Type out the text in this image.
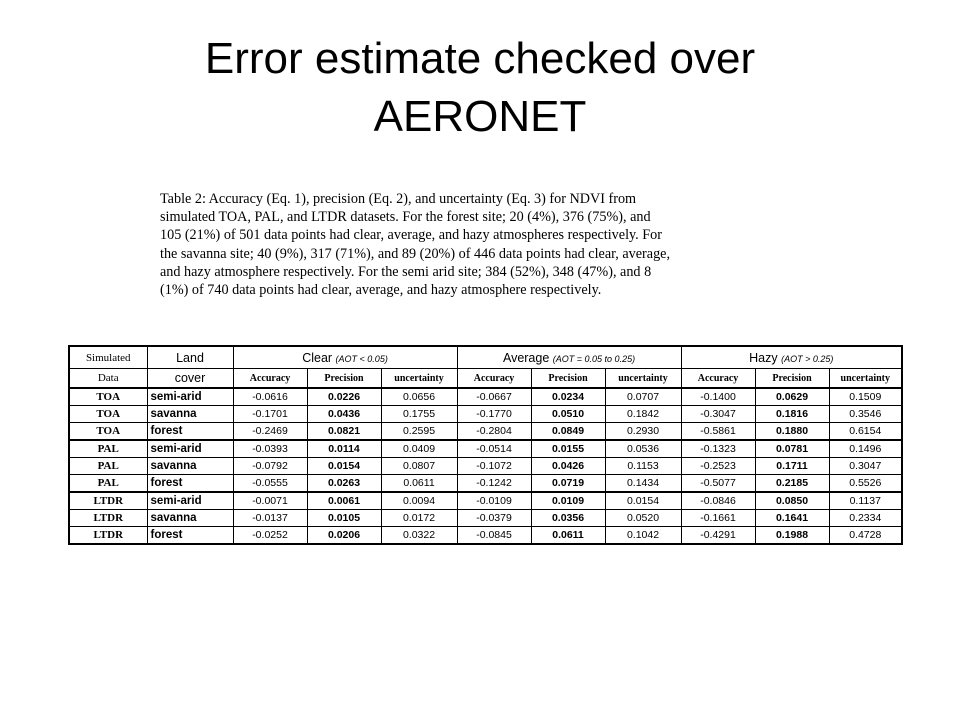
Error estimate checked over
AERONET
Table 2: Accuracy (Eq. 1), precision (Eq. 2), and uncertainty (Eq. 3) for NDVI from
simulated TOA, PAL, and LTDR datasets. For the forest site; 20 (4%), 376 (75%), and
105 (21%) of 501 data points had clear, average, and hazy atmospheres respectively. For
the savanna site; 40 (9%), 317 (71%), and 89 (20%) of 446 data points had clear, average,
and hazy atmosphere respectively. For the semi arid site; 384 (52%), 348 (47%), and 8
(1%) of 740 data points had clear, average, and hazy atmosphere respectively.
Simulated	Land	Clear (AOT < 0.05)			Average (AOT = 0.05 to 0.25)			Hazy (AOT > 0.25)		
Data	cover	Accuracy	Precision	uncertainty	Accuracy	Precision	uncertainty	Accuracy	Precision	uncertainty
TOA	semi-arid	-0.0616	0.0226	0.0656	-0.0667	0.0234	0.0707	-0.1400	0.0629	0.1509
TOA	savanna	-0.1701	0.0436	0.1755	-0.1770	0.0510	0.1842	-0.3047	0.1816	0.3546
TOA	forest	-0.2469	0.0821	0.2595	-0.2804	0.0849	0.2930	-0.5861	0.1880	0.6154
PAL	semi-arid	-0.0393	0.0114	0.0409	-0.0514	0.0155	0.0536	-0.1323	0.0781	0.1496
PAL	savanna	-0.0792	0.0154	0.0807	-0.1072	0.0426	0.1153	-0.2523	0.1711	0.3047
PAL	forest	-0.0555	0.0263	0.0611	-0.1242	0.0719	0.1434	-0.5077	0.2185	0.5526
LTDR	semi-arid	-0.0071	0.0061	0.0094	-0.0109	0.0109	0.0154	-0.0846	0.0850	0.1137
LTDR	savanna	-0.0137	0.0105	0.0172	-0.0379	0.0356	0.0520	-0.1661	0.1641	0.2334
LTDR	forest	-0.0252	0.0206	0.0322	-0.0845	0.0611	0.1042	-0.4291	0.1988	0.4728
